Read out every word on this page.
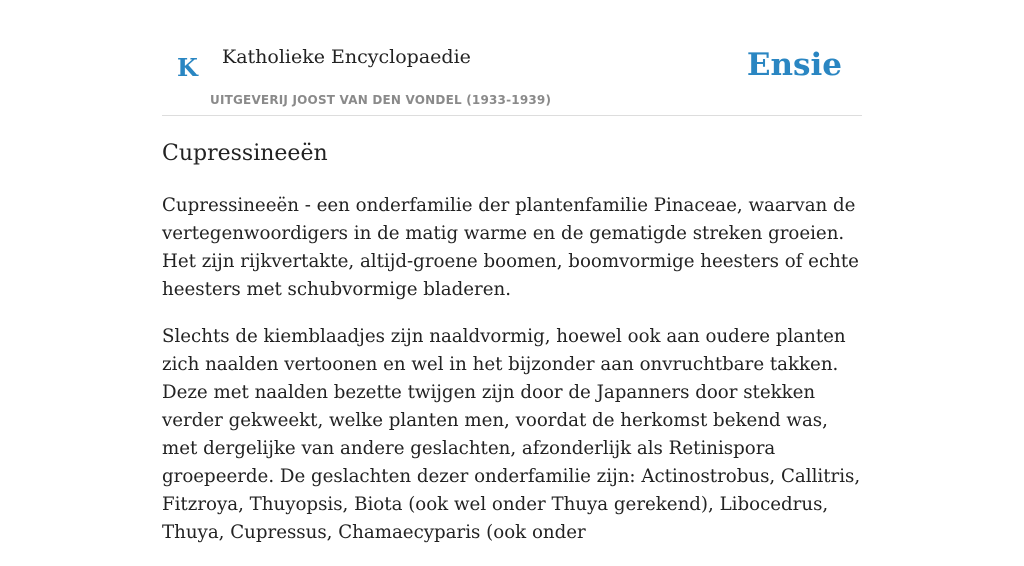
K Katholieke Encyclopaedie
UITGEVERIJ JOOST VAN DEN VONDEL (1933-1939)
Ensie
Cupressineeën

Cupressineeën - een onderfamilie der plantenfamilie Pinaceae, waarvan de vertegenwoordigers in de matig warme en de gematigde streken groeien. Het zijn rijkvertakte, altijd-groene boomen, boomvormige heesters of echte heesters met schubvormige bladeren.

Slechts de kiemblaadjes zijn naaldvormig, hoewel ook aan oudere planten zich naalden vertoonen en wel in het bijzonder aan onvruchtbare takken. Deze met naalden bezette twijgen zijn door de Japanners door stekken verder gekweekt, welke planten men, voordat de herkomst bekend was, met dergelijke van andere geslachten, afzonderlijk als Retinispora groepeerde. De geslachten dezer onderfamilie zijn: Actinostrobus, Callitris, Fitzroya, Thuyopsis, Biota (ook wel onder Thuya gerekend), Libocedrus, Thuya, Cupressus, Chamaecyparis (ook onder
